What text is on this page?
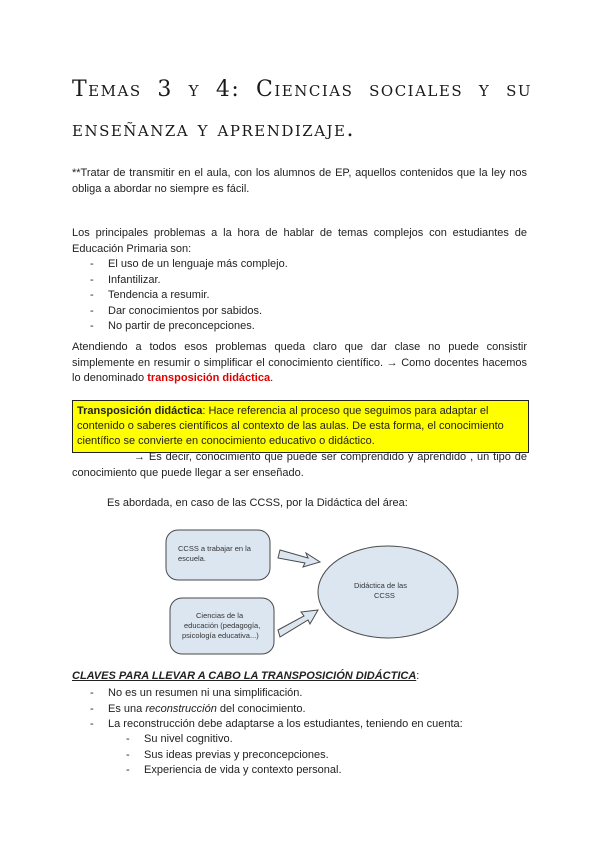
Temas 3 y 4: Ciencias sociales y su enseñanza y aprendizaje.
**Tratar de transmitir en el aula, con los alumnos de EP, aquellos contenidos que la ley nos obliga a abordar no siempre es fácil.
Los principales problemas a la hora de hablar de temas complejos con estudiantes de Educación Primaria son:
- El uso de un lenguaje más complejo.
- Infantilizar.
- Tendencia a resumir.
- Dar conocimientos por sabidos.
- No partir de preconcepciones.
Atendiendo a todos esos problemas queda claro que dar clase no puede consistir simplemente en resumir o simplificar el conocimiento científico. → Como docentes hacemos lo denominado transposición didáctica.
Transposición didáctica: Hace referencia al proceso que seguimos para adaptar el contenido o saberes científicos al contexto de las aulas. De esta forma, el conocimiento científico se convierte en conocimiento educativo o didáctico.
→ Es decir, conocimiento que puede ser comprendido y aprendido , un tipo de conocimiento que puede llegar a ser enseñado.
Es abordada, en caso de las CCSS, por la Didáctica del área:
CCSS a trabajar en la
escuela.
Ciencias de la
educación (pedagogía,
psicología educativa...)
Didáctica de las
CCSS
CLAVES PARA LLEVAR A CABO LA TRANSPOSICIÓN DIDÁCTICA:
- No es un resumen ni una simplificación.
- Es una reconstrucción del conocimiento.
- La reconstrucción debe adaptarse a los estudiantes, teniendo en cuenta:
- Su nivel cognitivo.
- Sus ideas previas y preconcepciones.
- Experiencia de vida y contexto personal.
